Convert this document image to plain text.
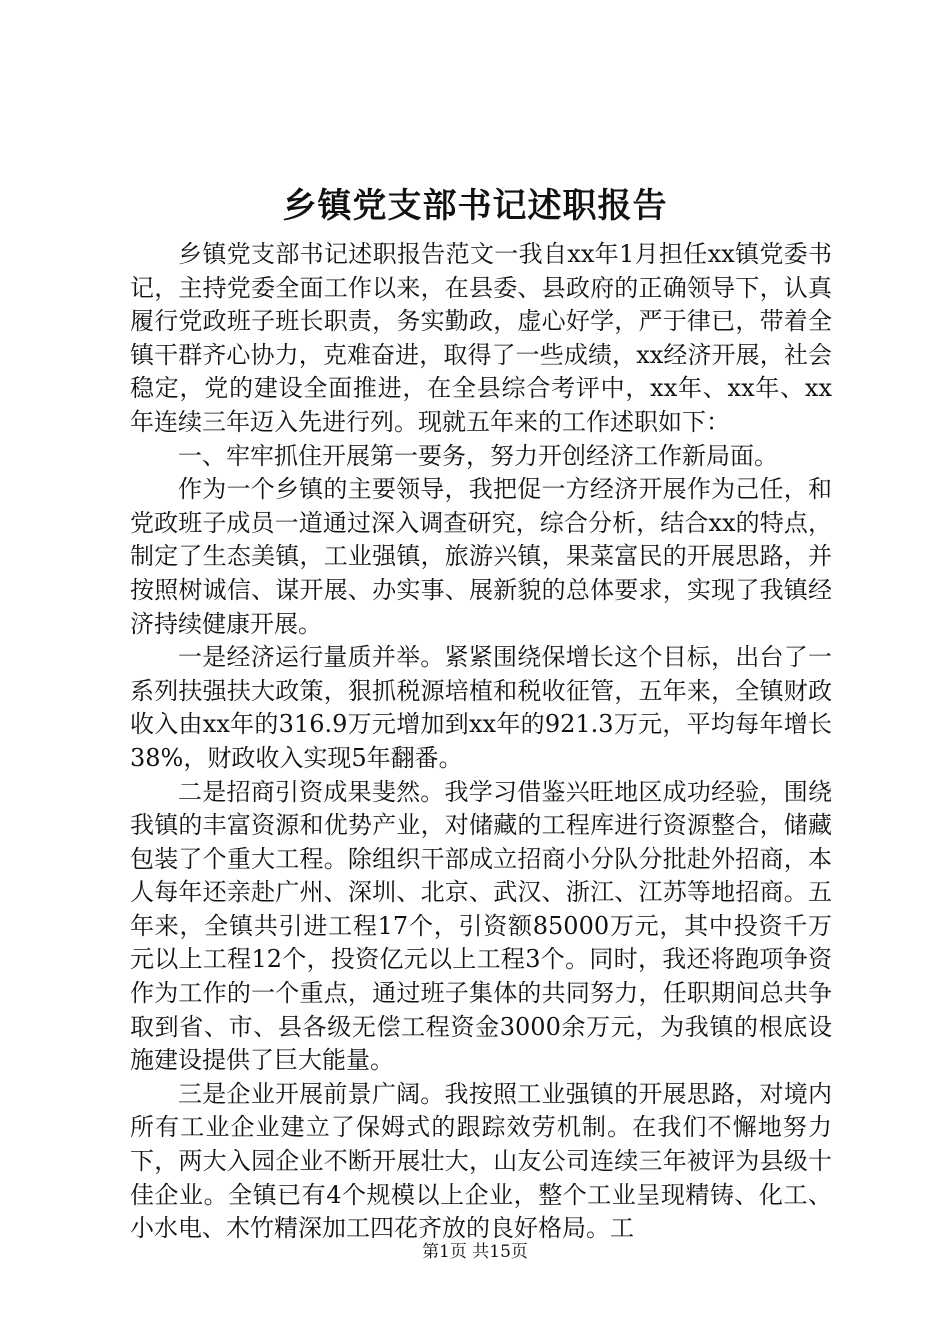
乡镇党支部书记述职报告

乡镇党支部书记述职报告范文一我自xx年1月担任xx镇党委书记，主持党委全面工作以来，在县委、县政府的正确领导下，认真履行党政班子班长职责，务实勤政，虚心好学，严于律已，带着全镇干群齐心协力，克难奋进，取得了一些成绩，xx经济开展，社会稳定，党的建设全面推进，在全县综合考评中，xx年、xx年、xx年连续三年迈入先进行列。现就五年来的工作述职如下：

一、牢牢抓住开展第一要务，努力开创经济工作新局面。

作为一个乡镇的主要领导，我把促一方经济开展作为己任，和党政班子成员一道通过深入调查研究，综合分析，结合xx的特点，制定了生态美镇，工业强镇，旅游兴镇，果菜富民的开展思路，并按照树诚信、谋开展、办实事、展新貌的总体要求，实现了我镇经济持续健康开展。

一是经济运行量质并举。紧紧围绕保增长这个目标，出台了一系列扶强扶大政策，狠抓税源培植和税收征管，五年来，全镇财政收入由xx年的316.9万元增加到xx年的921.3万元，平均每年增长38%，财政收入实现5年翻番。

二是招商引资成果斐然。我学习借鉴兴旺地区成功经验，围绕我镇的丰富资源和优势产业，对储藏的工程库进行资源整合，储藏包装了个重大工程。除组织干部成立招商小分队分批赴外招商，本人每年还亲赴广州、深圳、北京、武汉、浙江、江苏等地招商。五年来，全镇共引进工程17个，引资额85000万元，其中投资千万元以上工程12个，投资亿元以上工程3个。同时，我还将跑项争资作为工作的一个重点，通过班子集体的共同努力，任职期间总共争取到省、市、县各级无偿工程资金3000余万元，为我镇的根底设施建设提供了巨大能量。

三是企业开展前景广阔。我按照工业强镇的开展思路，对境内所有工业企业建立了保姆式的跟踪效劳机制。在我们不懈地努力下，两大入园企业不断开展壮大，山友公司连续三年被评为县级十佳企业。全镇已有4个规模以上企业，整个工业呈现精铸、化工、小水电、木竹精深加工四花齐放的良好格局。工

第1页 共15页
